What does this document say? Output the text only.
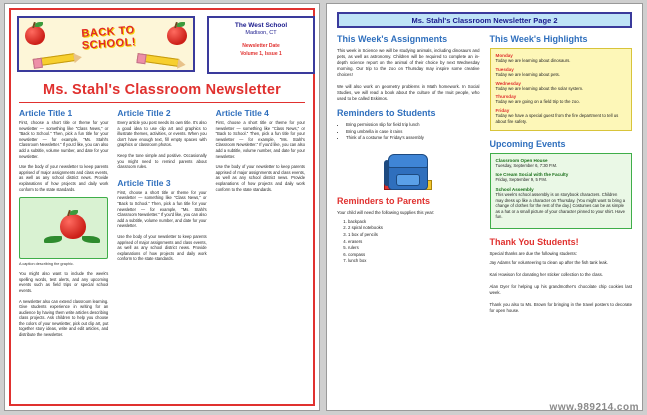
BACK TO
SCHOOL!
The West School
Madison, CT
Newsletter Date
Volume 1, Issue 1
Ms. Stahl's Classroom Newsletter
Article Title 1

First, choose a short title or theme for your newsletter — something like "Class News," or "Back to School." Then, pick a fun title for your newsletter — for example, "Ms. Stahl's Classroom Newsletter." If you'd like, you can also add a subtitle, volume number, and date for your newsletter.

Use the body of your newsletter to keep parents apprised of major assignments and class events, as well as any school district news. Provide explanations of how projects and daily work conform to the state standards.

A caption describing the graphic.

You might also want to include the week's spelling words, test alerts, and any upcoming events such as field trips or special school events.

A newsletter also can extend classroom learning. Give students experience in writing for an audience by having them write articles describing class projects. Ask children to help you choose the colors of your newsletter, pick out clip art, put together story ideas, write and edit articles, and distribute the newsletter.

Article Title 2

Every article you post needs its own title. It's also a good idea to use clip art and graphics to illustrate themes, activities, or events. When you don't have enough text, fill empty spaces with graphics or classroom photos.

Keep the tone simple and positive. Occasionally you might need to remind parents about classroom rules.

Article Title 3

First, choose a short title or theme for your newsletter — something like "Class News," or "Back to School." Then, pick a fun title for your newsletter — for example, "Ms. Stahl's Classroom Newsletter." If you'd like, you can also add a subtitle, volume number, and date for your newsletter.

Use the body of your newsletter to keep parents apprised of major assignments and class events, as well as any school district news. Provide explanations of how projects and daily work conform to the state standards.

Article Title 4

First, choose a short title or theme for your newsletter — something like "Class News," or "Back to School." Then, pick a fun title for your newsletter — for example, "Ms. Stahl's Classroom Newsletter." If you'd like, you can also add a subtitle, volume number, and date for your newsletter.

Use the body of your newsletter to keep parents apprised of major assignments and class events, as well as any school district news. Provide explanations of how projects and daily work conform to the state standards.

Ms. Stahl's Classroom Newsletter Page 2
This Week's Assignments

This week in Science we will be studying animals, including dinosaurs and pets, as well as astronomy. Children will be required to complete an in-depth science report on the animal of their choice by next Wednesday morning. Our trip to the zoo on Thursday may inspire some creative choices!

We will also work on geometry problems in Math homework. In Social Studies, we will read a book about the culture of the Inuit people, who used to be called Eskimos.

Reminders to Students
• Bring permission slip for field trip lunch
• Bring umbrella in case it rains
• Think of a costume for Friday's assembly
Reminders to Parents

Your child will need the following supplies this year:

1. backpack
2. 2 spiral notebooks
3. 1 box of pencils
4. erasers
5. rulers
6. compass
7. lunch box
This Week's Highlights
Monday

Today we are learning about dinosaurs.

Tuesday

Today we are learning about pets.

Wednesday

Today we are learning about the solar system.

Thursday

Today we are going on a field trip to the zoo.

Friday

Today we have a special guest from the fire department to tell us about fire safety.

Upcoming Events
Classroom Open House

Tuesday, September 6, 7:30 P.M.

Ice Cream Social with the Faculty

Friday, September 9, 5 P.M.

School Assembly

This week's school assembly is on storybook characters. Children may dress up like a character on Thursday. (You might want to bring a change of clothes for the rest of the day.) Costumes can be as simple as a hat or a small picture of your character pinned to your shirt. Have fun.

Thank You Students!

Special thanks are due the following students:

Jay Adams for volunteering to clean up after the fish tank leak.

Kari Howison for donating her sticker collection to the class.

Alan Dyer for helping up his grandmother's chocolate chip cookies last week.

Thank you also to Ms. Brown for bringing in the travel posters to decorate for open house.

www.989214.com
